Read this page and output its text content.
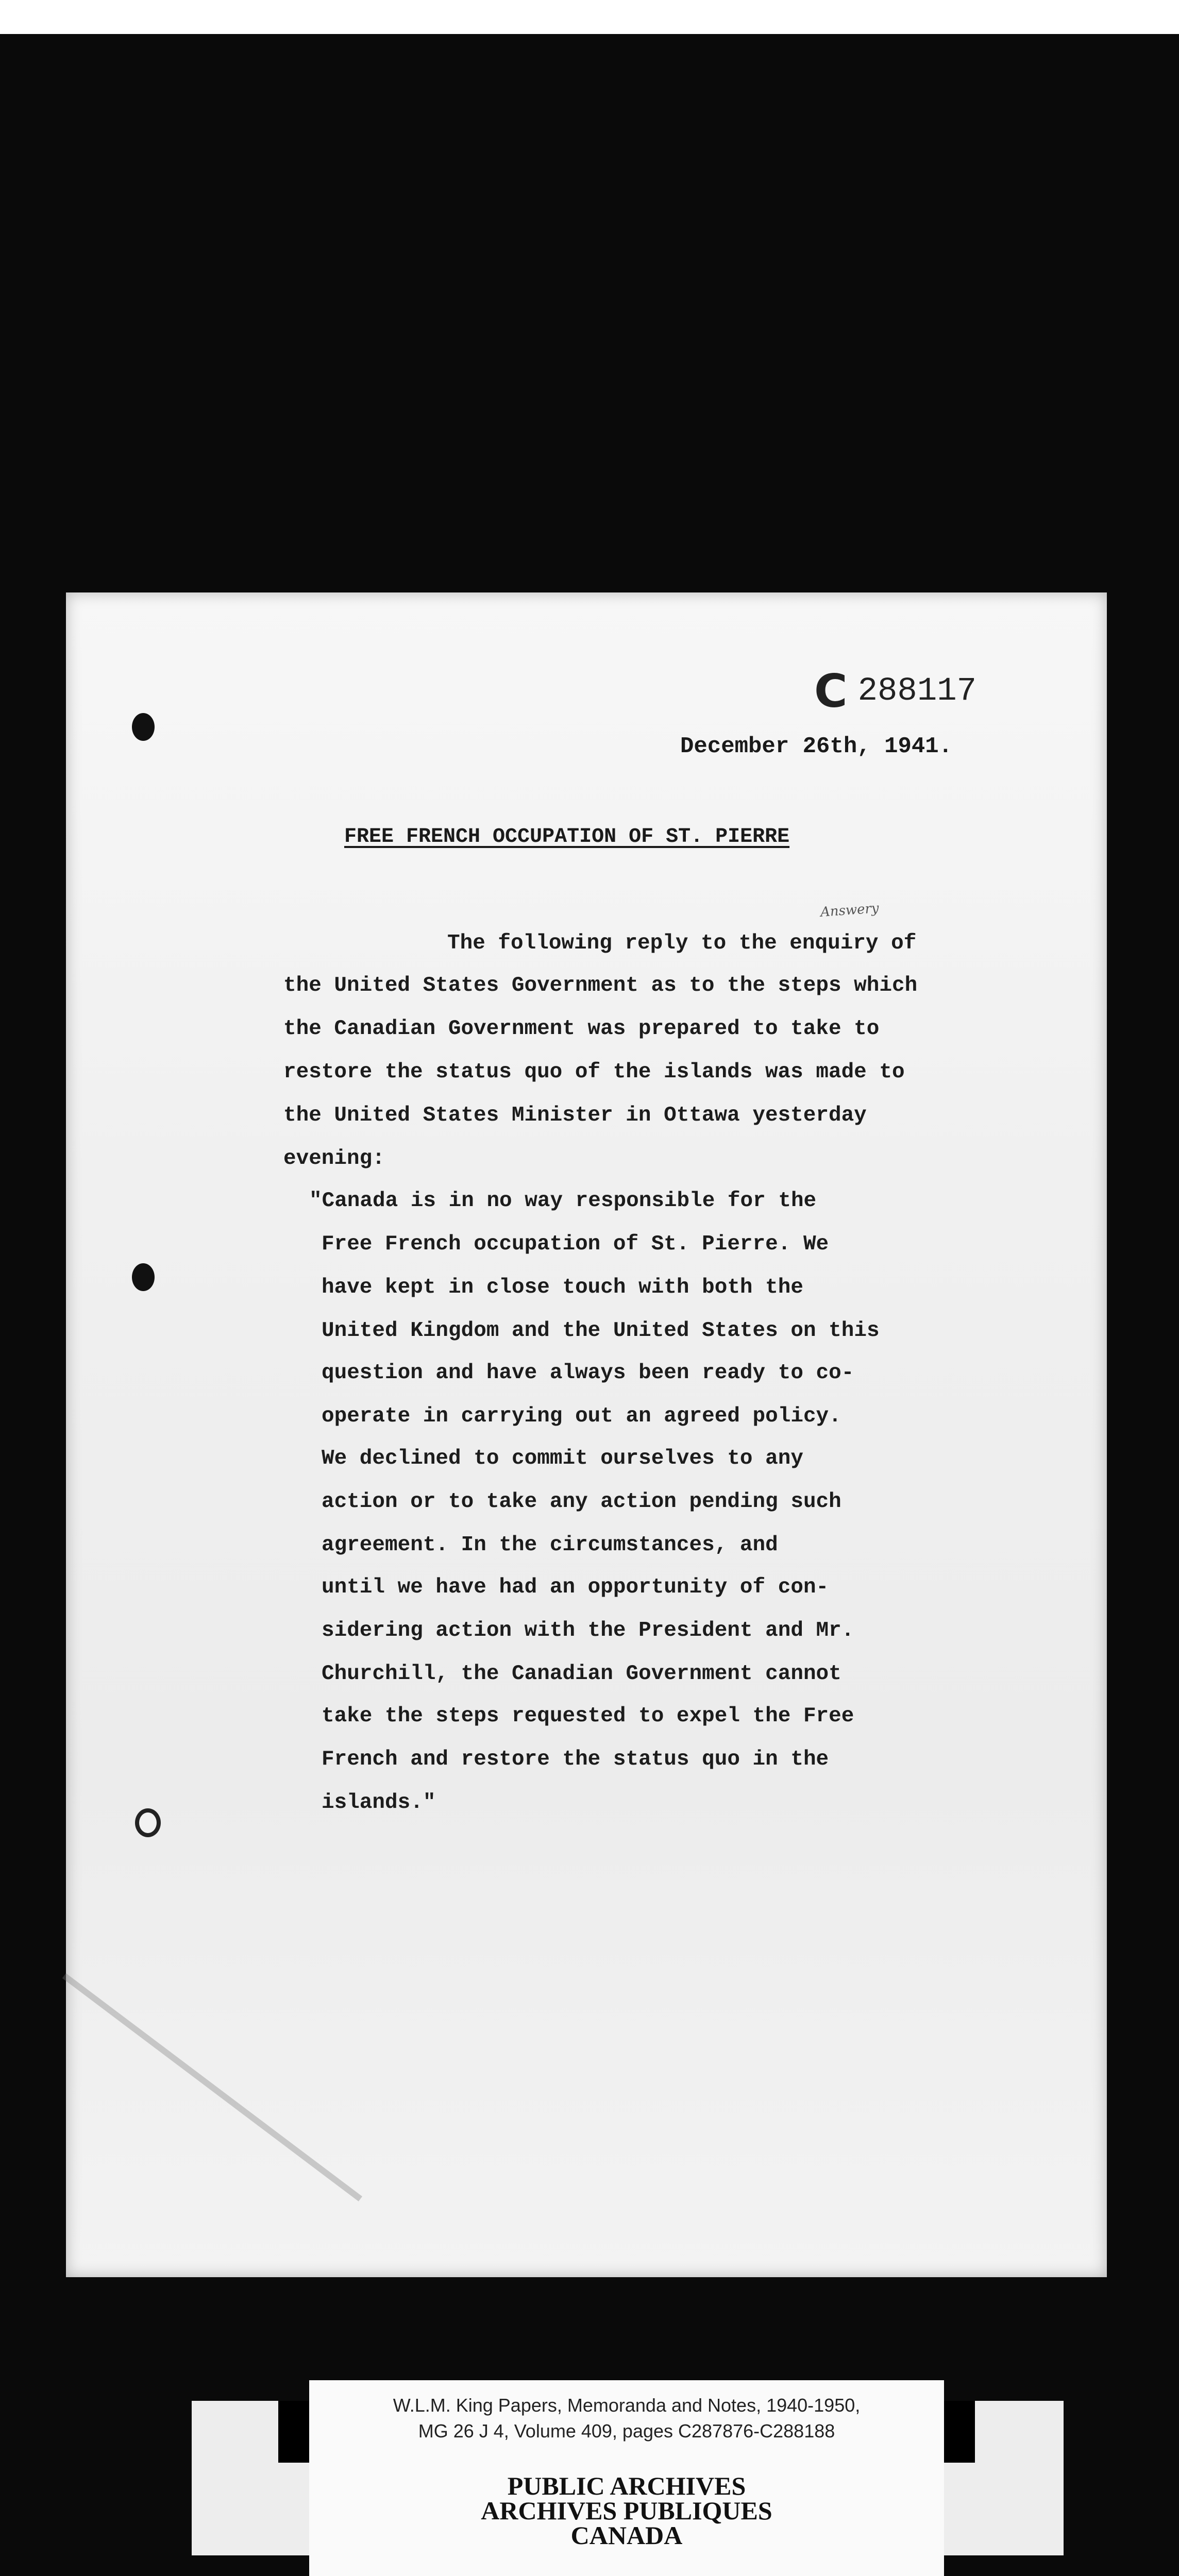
C 288117
December 26th, 1941.
FREE FRENCH OCCUPATION OF ST. PIERRE
Answery
The following reply to the enquiry of
the United States Government as to the steps which
the Canadian Government was prepared to take to
restore the status quo of the islands was made to
the United States Minister in Ottawa yesterday
evening:
"Canada is in no way responsible for the
Free French occupation of St. Pierre. We
have kept in close touch with both the
United Kingdom and the United States on this
question and have always been ready to co-
operate in carrying out an agreed policy.
We declined to commit ourselves to any
action or to take any action pending such
agreement. In the circumstances, and
until we have had an opportunity of con-
sidering action with the President and Mr.
Churchill, the Canadian Government cannot
take the steps requested to expel the Free
French and restore the status quo in the
islands."
W.L.M. King Papers, Memoranda and Notes, 1940-1950,
MG 26 J 4, Volume 409, pages C287876-C288188
PUBLIC ARCHIVES
ARCHIVES PUBLIQUES
CANADA
